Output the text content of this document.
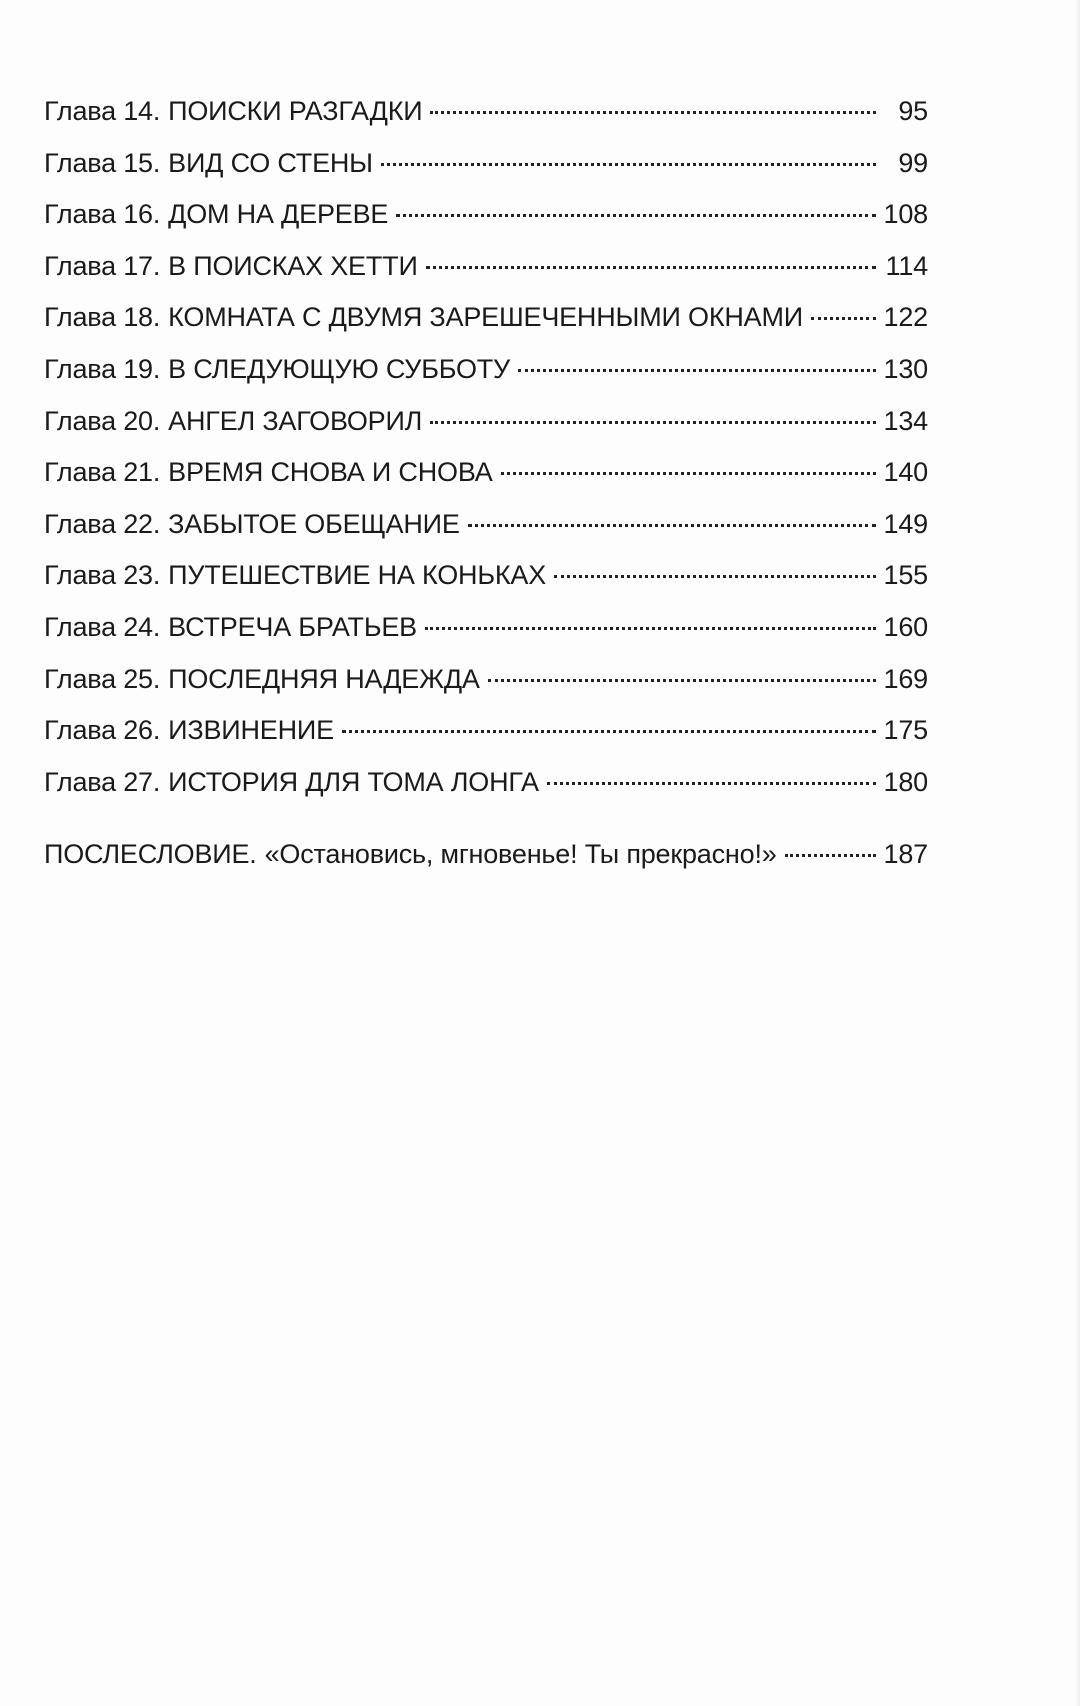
Глава 14. ПОИСКИ РАЗГАДКИ	95
Глава 15. ВИД СО СТЕНЫ	99
Глава 16. ДОМ НА ДЕРЕВЕ	108
Глава 17. В ПОИСКАХ ХЕТТИ	114
Глава 18. КОМНАТА С ДВУМЯ ЗАРЕШЕЧЕННЫМИ ОКНАМИ	122
Глава 19. В СЛЕДУЮЩУЮ СУББОТУ	130
Глава 20. АНГЕЛ ЗАГОВОРИЛ	134
Глава 21. ВРЕМЯ СНОВА И СНОВА	140
Глава 22. ЗАБЫТОЕ ОБЕЩАНИЕ	149
Глава 23. ПУТЕШЕСТВИЕ НА КОНЬКАХ	155
Глава 24. ВСТРЕЧА БРАТЬЕВ	160
Глава 25. ПОСЛЕДНЯЯ НАДЕЖДА	169
Глава 26. ИЗВИНЕНИЕ	175
Глава 27. ИСТОРИЯ ДЛЯ ТОМА ЛОНГА	180
ПОСЛЕСЛОВИЕ. «Остановись, мгновенье! Ты прекрасно!»	187
